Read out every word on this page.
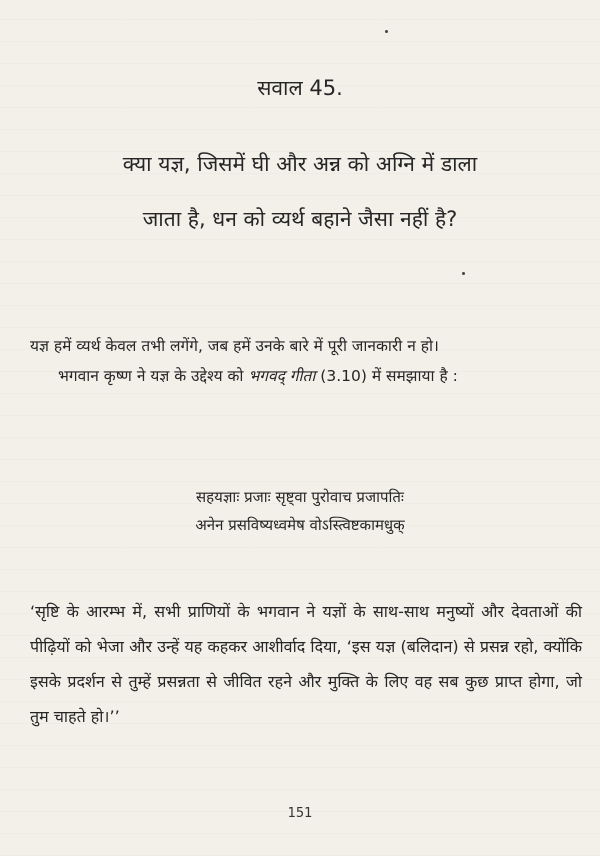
सवाल 45.
क्या यज्ञ, जिसमें घी और अन्न को अग्नि में डाला
जाता है, धन को व्यर्थ बहाने जैसा नहीं है?
यज्ञ हमें व्यर्थ केवल तभी लगेंगे, जब हमें उनके बारे में पूरी जानकारी न हो।
भगवान कृष्ण ने यज्ञ के उद्देश्य को भगवद् गीता (3.10) में समझाया है :
सहयज्ञाः प्रजाः सृष्ट्वा पुरोवाच प्रजापतिः
अनेन प्रसविष्यध्वमेष वोऽस्त्विष्टकामधुक्
‘सृष्टि के आरम्भ में, सभी प्राणियों के भगवान ने यज्ञों के साथ-साथ मनुष्यों और देवताओं की पीढ़ियों को भेजा और उन्हें यह कहकर आशीर्वाद दिया, ‘इस यज्ञ (बलिदान) से प्रसन्न रहो, क्योंकि इसके प्रदर्शन से तुम्हें प्रसन्नता से जीवित रहने और मुक्ति के लिए वह सब कुछ प्राप्त होगा, जो तुम चाहते हो।’’
151
